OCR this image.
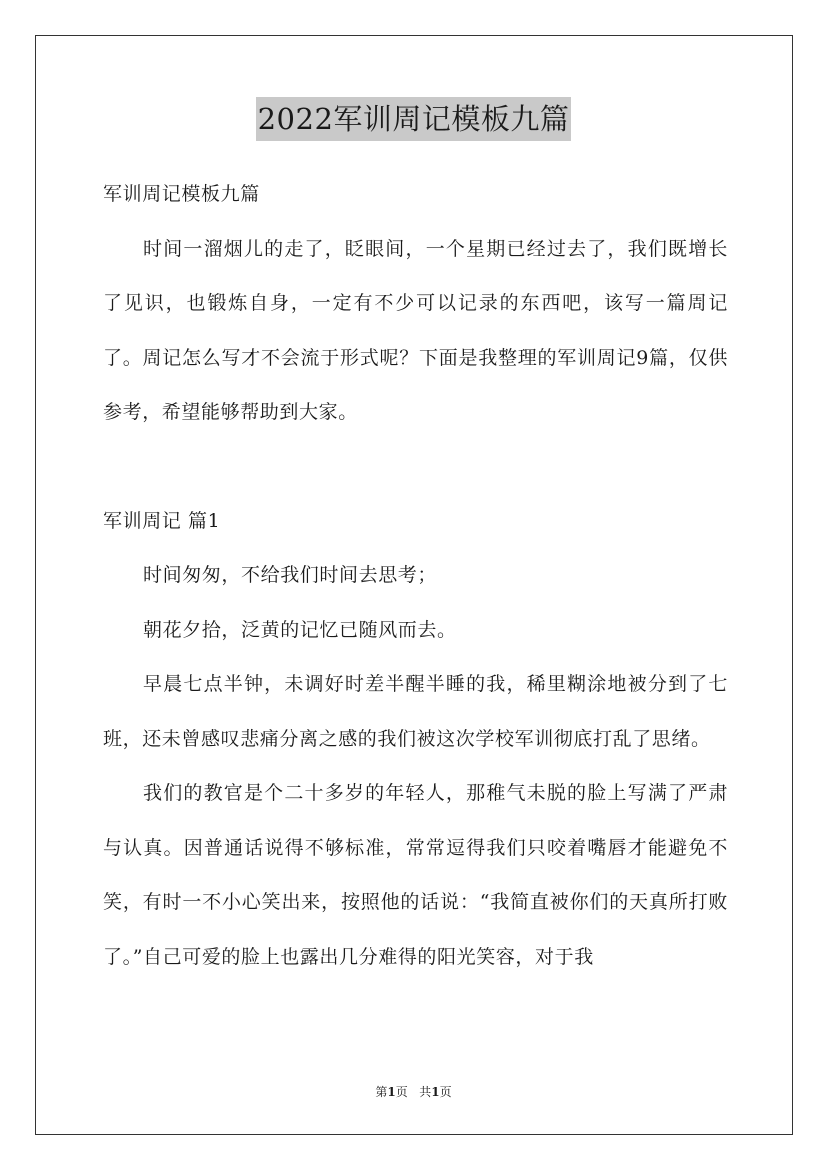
2022军训周记模板九篇

军训周记模板九篇

时间一溜烟儿的走了，眨眼间，一个星期已经过去了，我们既增长了见识，也锻炼自身，一定有不少可以记录的东西吧，该写一篇周记了。周记怎么写才不会流于形式呢？下面是我整理的军训周记9篇，仅供参考，希望能够帮助到大家。

军训周记 篇1

时间匆匆，不给我们时间去思考；

朝花夕拾，泛黄的记忆已随风而去。

早晨七点半钟，未调好时差半醒半睡的我，稀里糊涂地被分到了七班，还未曾感叹悲痛分离之感的我们被这次学校军训彻底打乱了思绪。

我们的教官是个二十多岁的年轻人，那稚气未脱的脸上写满了严肃与认真。因普通话说得不够标准，常常逗得我们只咬着嘴唇才能避免不笑，有时一不小心笑出来，按照他的话说：“我简直被你们的天真所打败了。”自己可爱的脸上也露出几分难得的阳光笑容，对于我

第1页 共1页
